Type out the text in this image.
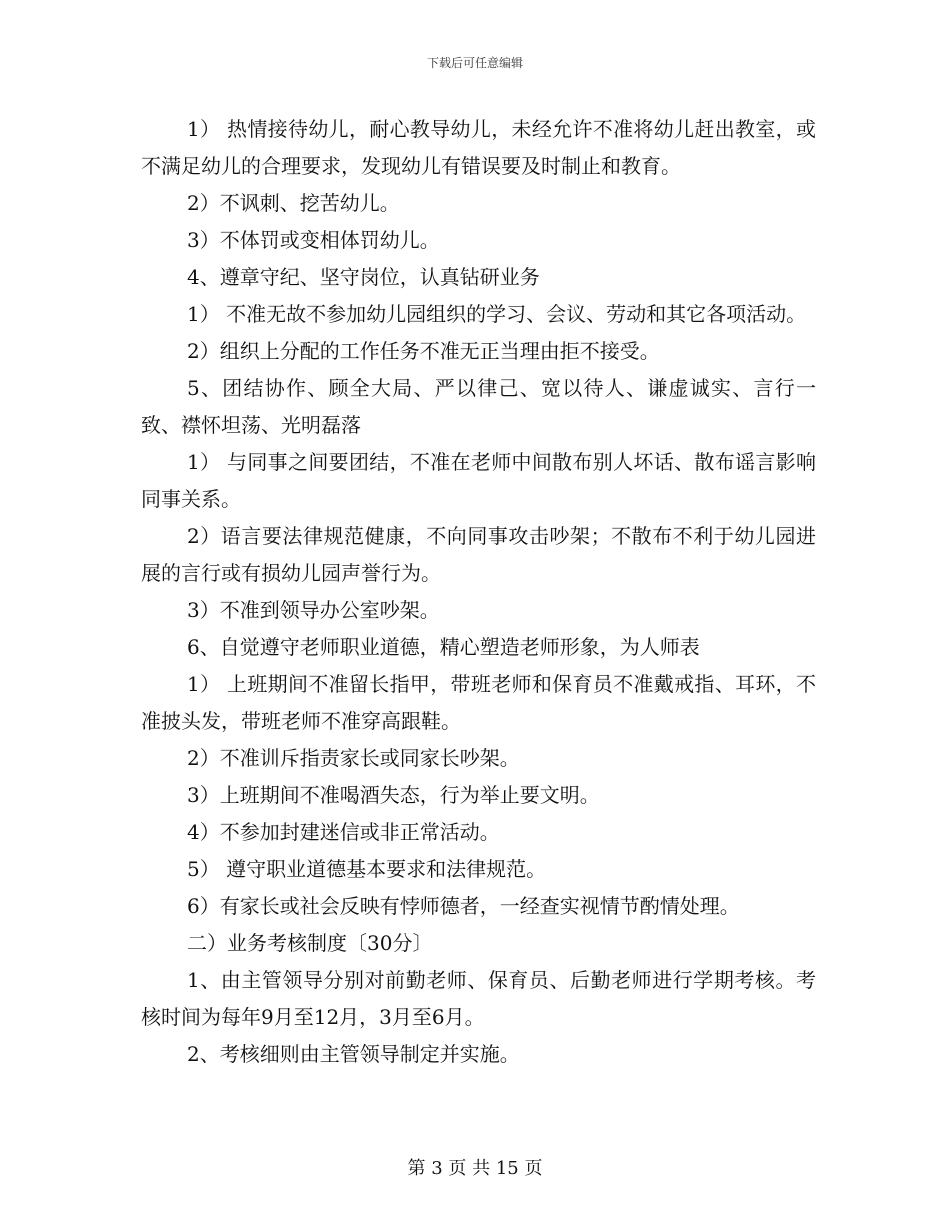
下载后可任意编辑

1） 热情接待幼儿，耐心教导幼儿，未经允许不准将幼儿赶出教室，或不满足幼儿的合理要求，发现幼儿有错误要及时制止和教育。

2）不讽刺、挖苦幼儿。

3）不体罚或变相体罚幼儿。

4、遵章守纪、坚守岗位，认真钻研业务

1） 不准无故不参加幼儿园组织的学习、会议、劳动和其它各项活动。

2）组织上分配的工作任务不准无正当理由拒不接受。

5、团结协作、顾全大局、严以律己、宽以待人、谦虚诚实、言行一致、襟怀坦荡、光明磊落

1） 与同事之间要团结，不准在老师中间散布别人坏话、散布谣言影响同事关系。

2）语言要法律规范健康，不向同事攻击吵架；不散布不利于幼儿园进展的言行或有损幼儿园声誉行为。

3）不准到领导办公室吵架。

6、自觉遵守老师职业道德，精心塑造老师形象，为人师表

1） 上班期间不准留长指甲，带班老师和保育员不准戴戒指、耳环，不准披头发，带班老师不准穿高跟鞋。

2）不准训斥指责家长或同家长吵架。

3）上班期间不准喝酒失态，行为举止要文明。

4）不参加封建迷信或非正常活动。

5） 遵守职业道德基本要求和法律规范。

6）有家长或社会反映有悖师德者，一经查实视情节酌情处理。

二）业务考核制度〔30分〕

1、由主管领导分别对前勤老师、保育员、后勤老师进行学期考核。考核时间为每年9月至12月，3月至6月。

2、考核细则由主管领导制定并实施。

第 3 页 共 15 页
